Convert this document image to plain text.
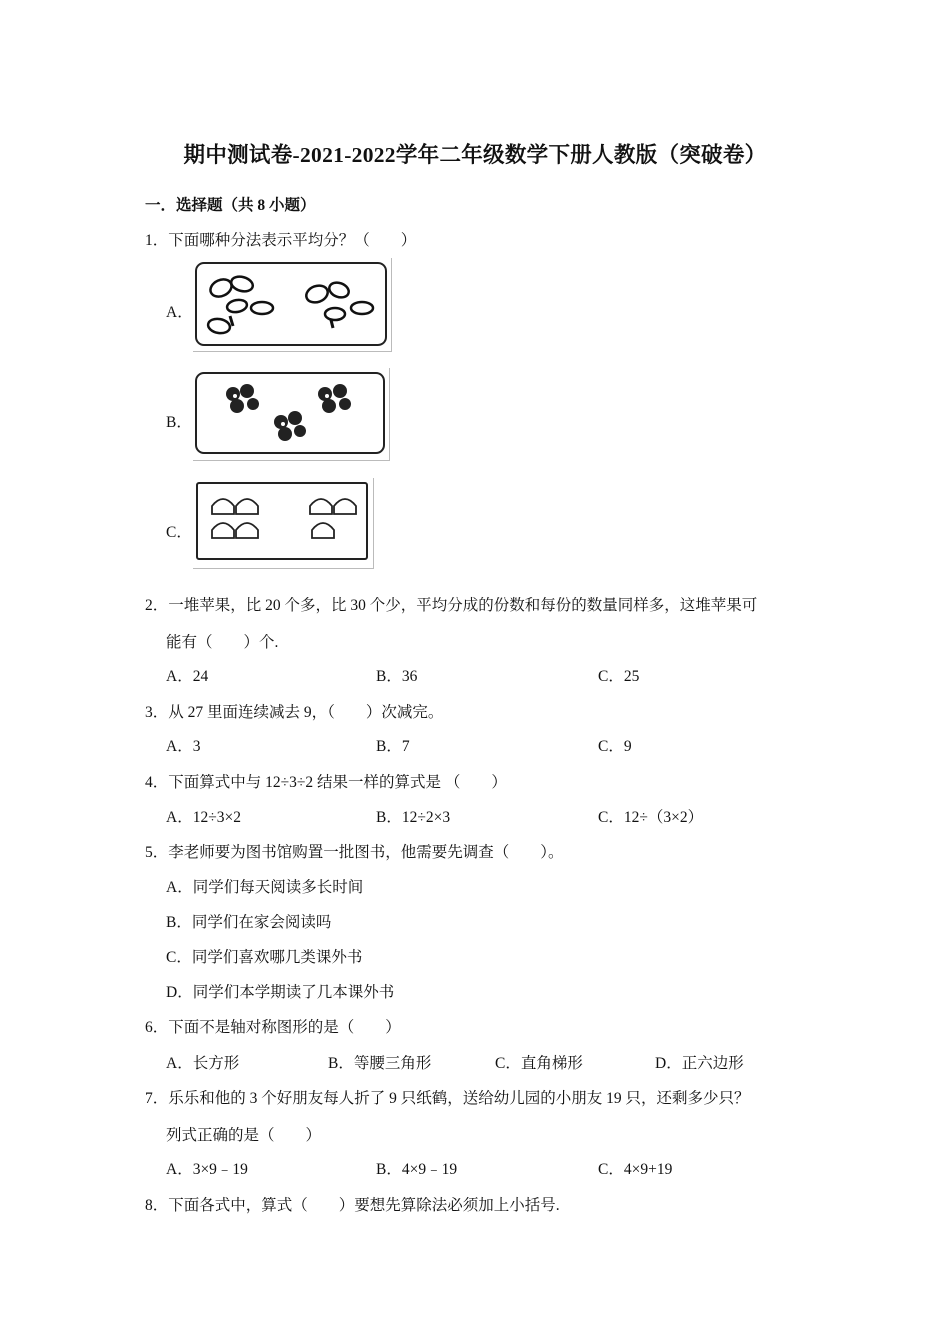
期中测试卷-2021-2022学年二年级数学下册人教版（突破卷）
一．选择题（共 8 小题）
1．下面哪种分法表示平均分？（　　）
A．
B．
C．
2．一堆苹果，比 20 个多，比 30 个少，平均分成的份数和每份的数量同样多，这堆苹果可
能有（　　）个.
A．24	B．36	C．25
3．从 27 里面连续减去 9，（　　）次减完。
A．3	B．7	C．9
4．下面算式中与 12÷3÷2 结果一样的算式是 （　　）
A．12÷3×2	B．12÷2×3	C．12÷（3×2）
5．李老师要为图书馆购置一批图书，他需要先调查（　　）。
A．同学们每天阅读多长时间
B．同学们在家会阅读吗
C．同学们喜欢哪几类课外书
D．同学们本学期读了几本课外书
6．下面不是轴对称图形的是（　　）
A．长方形	B．等腰三角形	C．直角梯形	D．正六边形
7．乐乐和他的 3 个好朋友每人折了 9 只纸鹤，送给幼儿园的小朋友 19 只，还剩多少只？
列式正确的是（　　）
A．3×9﹣19	B．4×9﹣19	C．4×9+19
8．下面各式中，算式（　　）要想先算除法必须加上小括号.
